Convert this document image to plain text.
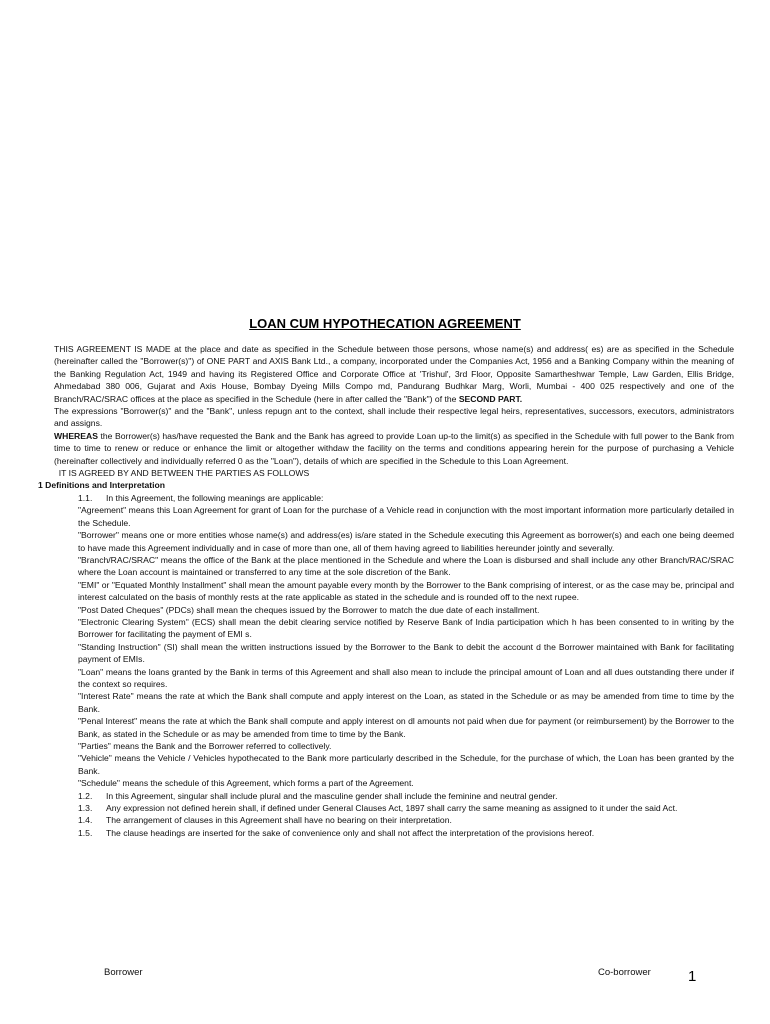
LOAN CUM HYPOTHECATION AGREEMENT

THIS AGREEMENT IS MADE at the place and date as specified in the Schedule between those persons, whose name(s) and address( es) are as specified in the Schedule (hereinafter called the "Borrower(s)") of ONE PART and AXIS Bank Ltd., a company, incorporated under the Companies Act, 1956 and a Banking Company within the meaning of the Banking Regulation Act, 1949 and having its Registered Office and Corporate Office at 'Trishul', 3rd Floor, Opposite Samartheshwar Temple, Law Garden, Ellis Bridge, Ahmedabad 380 006, Gujarat and Axis House, Bombay Dyeing Mills Compo md, Pandurang Budhkar Marg, Worli, Mumbai - 400 025 respectively and one of the Branch/RAC/SRAC offices at the place as specified in the Schedule (here in after called the "Bank") of the SECOND PART.

The expressions "Borrower(s)" and the "Bank", unless repugn ant to the context, shall include their respective legal heirs, representatives, successors, executors, administrators and assigns.

WHEREAS the Borrower(s) has/have requested the Bank and the Bank has agreed to provide Loan up-to the limit(s) as specified in the Schedule with full power to the Bank from time to time to renew or reduce or enhance the limit or altogether withdaw the facility on the terms and conditions appearing herein for the purpose of purchasing a Vehicle (hereinafter collectively and individually referred 0 as the "Loan"), details of which are specified in the Schedule to this Loan Agreement.

IT IS AGREED BY AND BETWEEN THE PARTIES AS FOLLOWS

1 Definitions and Interpretation

1.1.	In this Agreement, the following meanings are applicable:

"Agreement" means this Loan Agreement for grant of Loan for the purchase of a Vehicle read in conjunction with the most important information more particularly detailed in the Schedule.

"Borrower" means one or more entities whose name(s) and address(es) is/are stated in the Schedule executing this Agreement as borrower(s) and each one being deemed to have made this Agreement individually and in case of more than one, all of them having agreed to liabilities hereunder jointly and severally.

"Branch/RAC/SRAC" means the office of the Bank at the place mentioned in the Schedule and where the Loan is disbursed and shall include any other Branch/RAC/SRAC where the Loan account is maintained or transferred to any time at the sole discretion of the Bank.

"EMI" or "Equated Monthly Installment" shall mean the amount payable every month by the Borrower to the Bank comprising of interest, or as the case may be, principal and interest calculated on the basis of monthly rests at the rate applicable as stated in the schedule and is rounded off to the next rupee.

"Post Dated Cheques" (PDCs) shall mean the cheques issued by the Borrower to match the due date of each installment.

"Electronic Clearing System" (ECS) shall mean the debit clearing service notified by Reserve Bank of India participation which h has been consented to in writing by the Borrower for facilitating the payment of EMI s.

"Standing Instruction" (SI) shall mean the written instructions issued by the Borrower to the Bank to debit the account d the Borrower maintained with Bank for facilitating payment of EMIs.

"Loan" means the loans granted by the Bank in terms of this Agreement and shall also mean to include the principal amount of Loan and all dues outstanding there under if the context so requires.

"Interest Rate" means the rate at which the Bank shall compute and apply interest on the Loan, as stated in the Schedule or as may be amended from time to time by the Bank.

"Penal Interest" means the rate at which the Bank shall compute and apply interest on dl amounts not paid when due for payment (or reimbursement) by the Borrower to the Bank, as stated in the Schedule or as may be amended from time to time by the Bank.

"Parties" means the Bank and the Borrower referred to collectively.

"Vehicle" means the Vehicle / Vehicles hypothecated to the Bank more particularly described in the Schedule, for the purchase of which, the Loan has been granted by the Bank.

"Schedule" means the schedule of this Agreement, which forms a part of the Agreement.

1.2.	In this Agreement, singular shall include plural and the masculine gender shall include the feminine and neutral gender.
1.3.	Any expression not defined herein shall, if defined under General Clauses Act, 1897 shall carry the same meaning as assigned to it under the said Act.
1.4.	The arrangement of clauses in this Agreement shall have no bearing on their interpretation.
1.5.	The clause headings are inserted for the sake of convenience only and shall not affect the interpretation of the provisions hereof.
Borrower	Co-borrower 1
